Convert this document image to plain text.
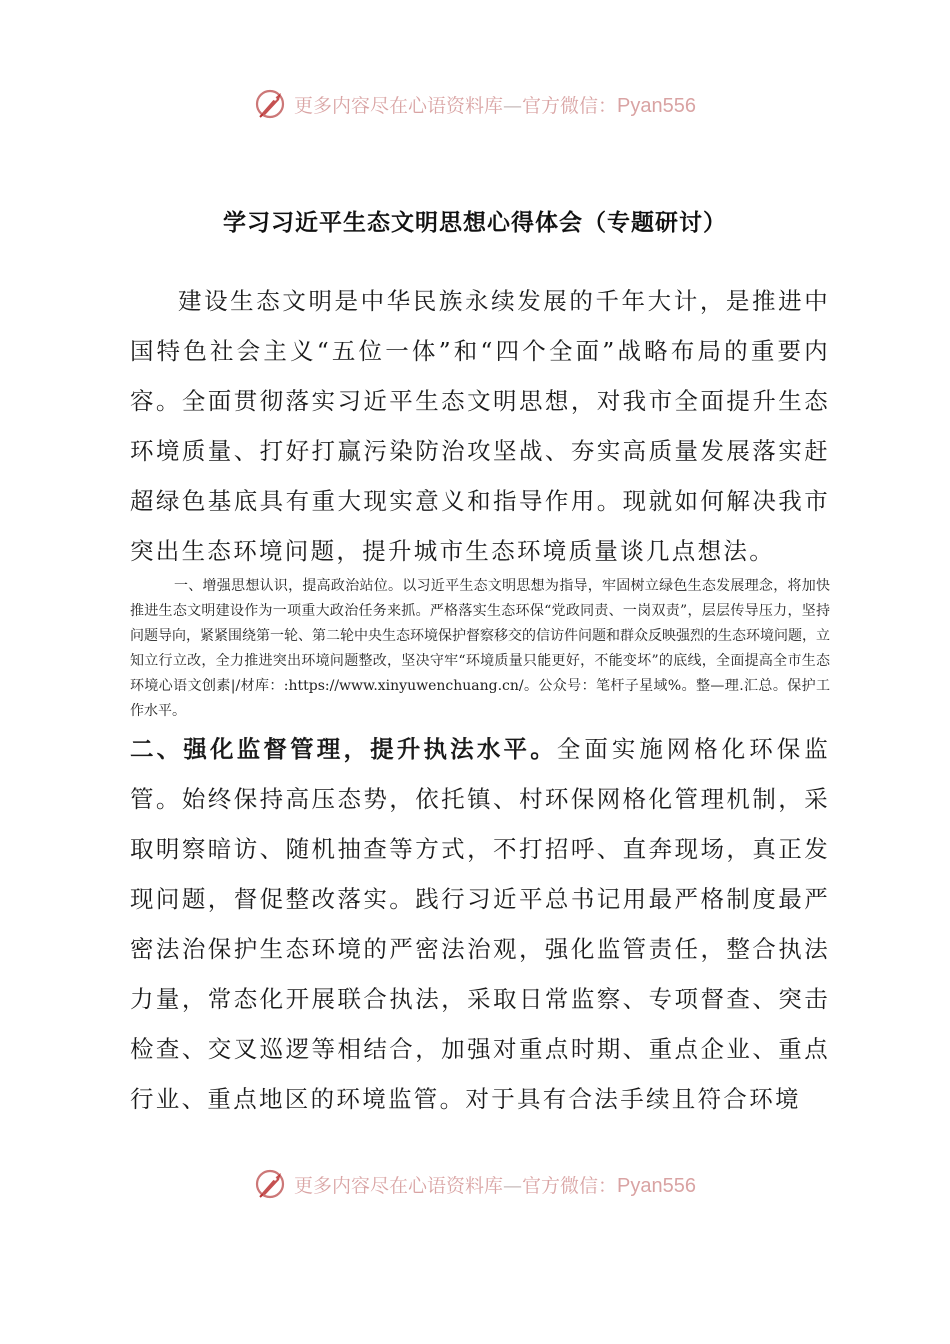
更多内容尽在心语资料库—官方微信：Pyan556
学习习近平生态文明思想心得体会（专题研讨）
建设生态文明是中华民族永续发展的千年大计，是推进中国特色社会主义“五位一体”和“四个全面”战略布局的重要内容。全面贯彻落实习近平生态文明思想，对我市全面提升生态环境质量、打好打赢污染防治攻坚战、夯实高质量发展落实赶超绿色基底具有重大现实意义和指导作用。现就如何解决我市突出生态环境问题，提升城市生态环境质量谈几点想法。
一、增强思想认识，提高政治站位。以习近平生态文明思想为指导，牢固树立绿色生态发展理念，将加快推进生态文明建设作为一项重大政治任务来抓。严格落实生态环保“党政同责、一岗双责”，层层传导压力，坚持问题导向，紧紧围绕第一轮、第二轮中央生态环境保护督察移交的信访件问题和群众反映强烈的生态环境问题，立知立行立改，全力推进突出环境问题整改，坚决守牢“环境质量只能更好，不能变坏”的底线，全面提高全市生态环境心语文创素|/材库：:https://www.xinyuwenchuang.cn/。公众号：笔杆子星域%。整—理.汇总。保护工作水平。
二、强化监督管理，提升执法水平。全面实施网格化环保监管。始终保持高压态势，依托镇、村环保网格化管理机制，采取明察暗访、随机抽查等方式，不打招呼、直奔现场，真正发现问题，督促整改落实。践行习近平总书记用最严格制度最严密法治保护生态环境的严密法治观，强化监管责任，整合执法力量，常态化开展联合执法，采取日常监察、专项督查、突击检查、交叉巡逻等相结合，加强对重点时期、重点企业、重点行业、重点地区的环境监管。对于具有合法手续且符合环境
更多内容尽在心语资料库—官方微信：Pyan556
